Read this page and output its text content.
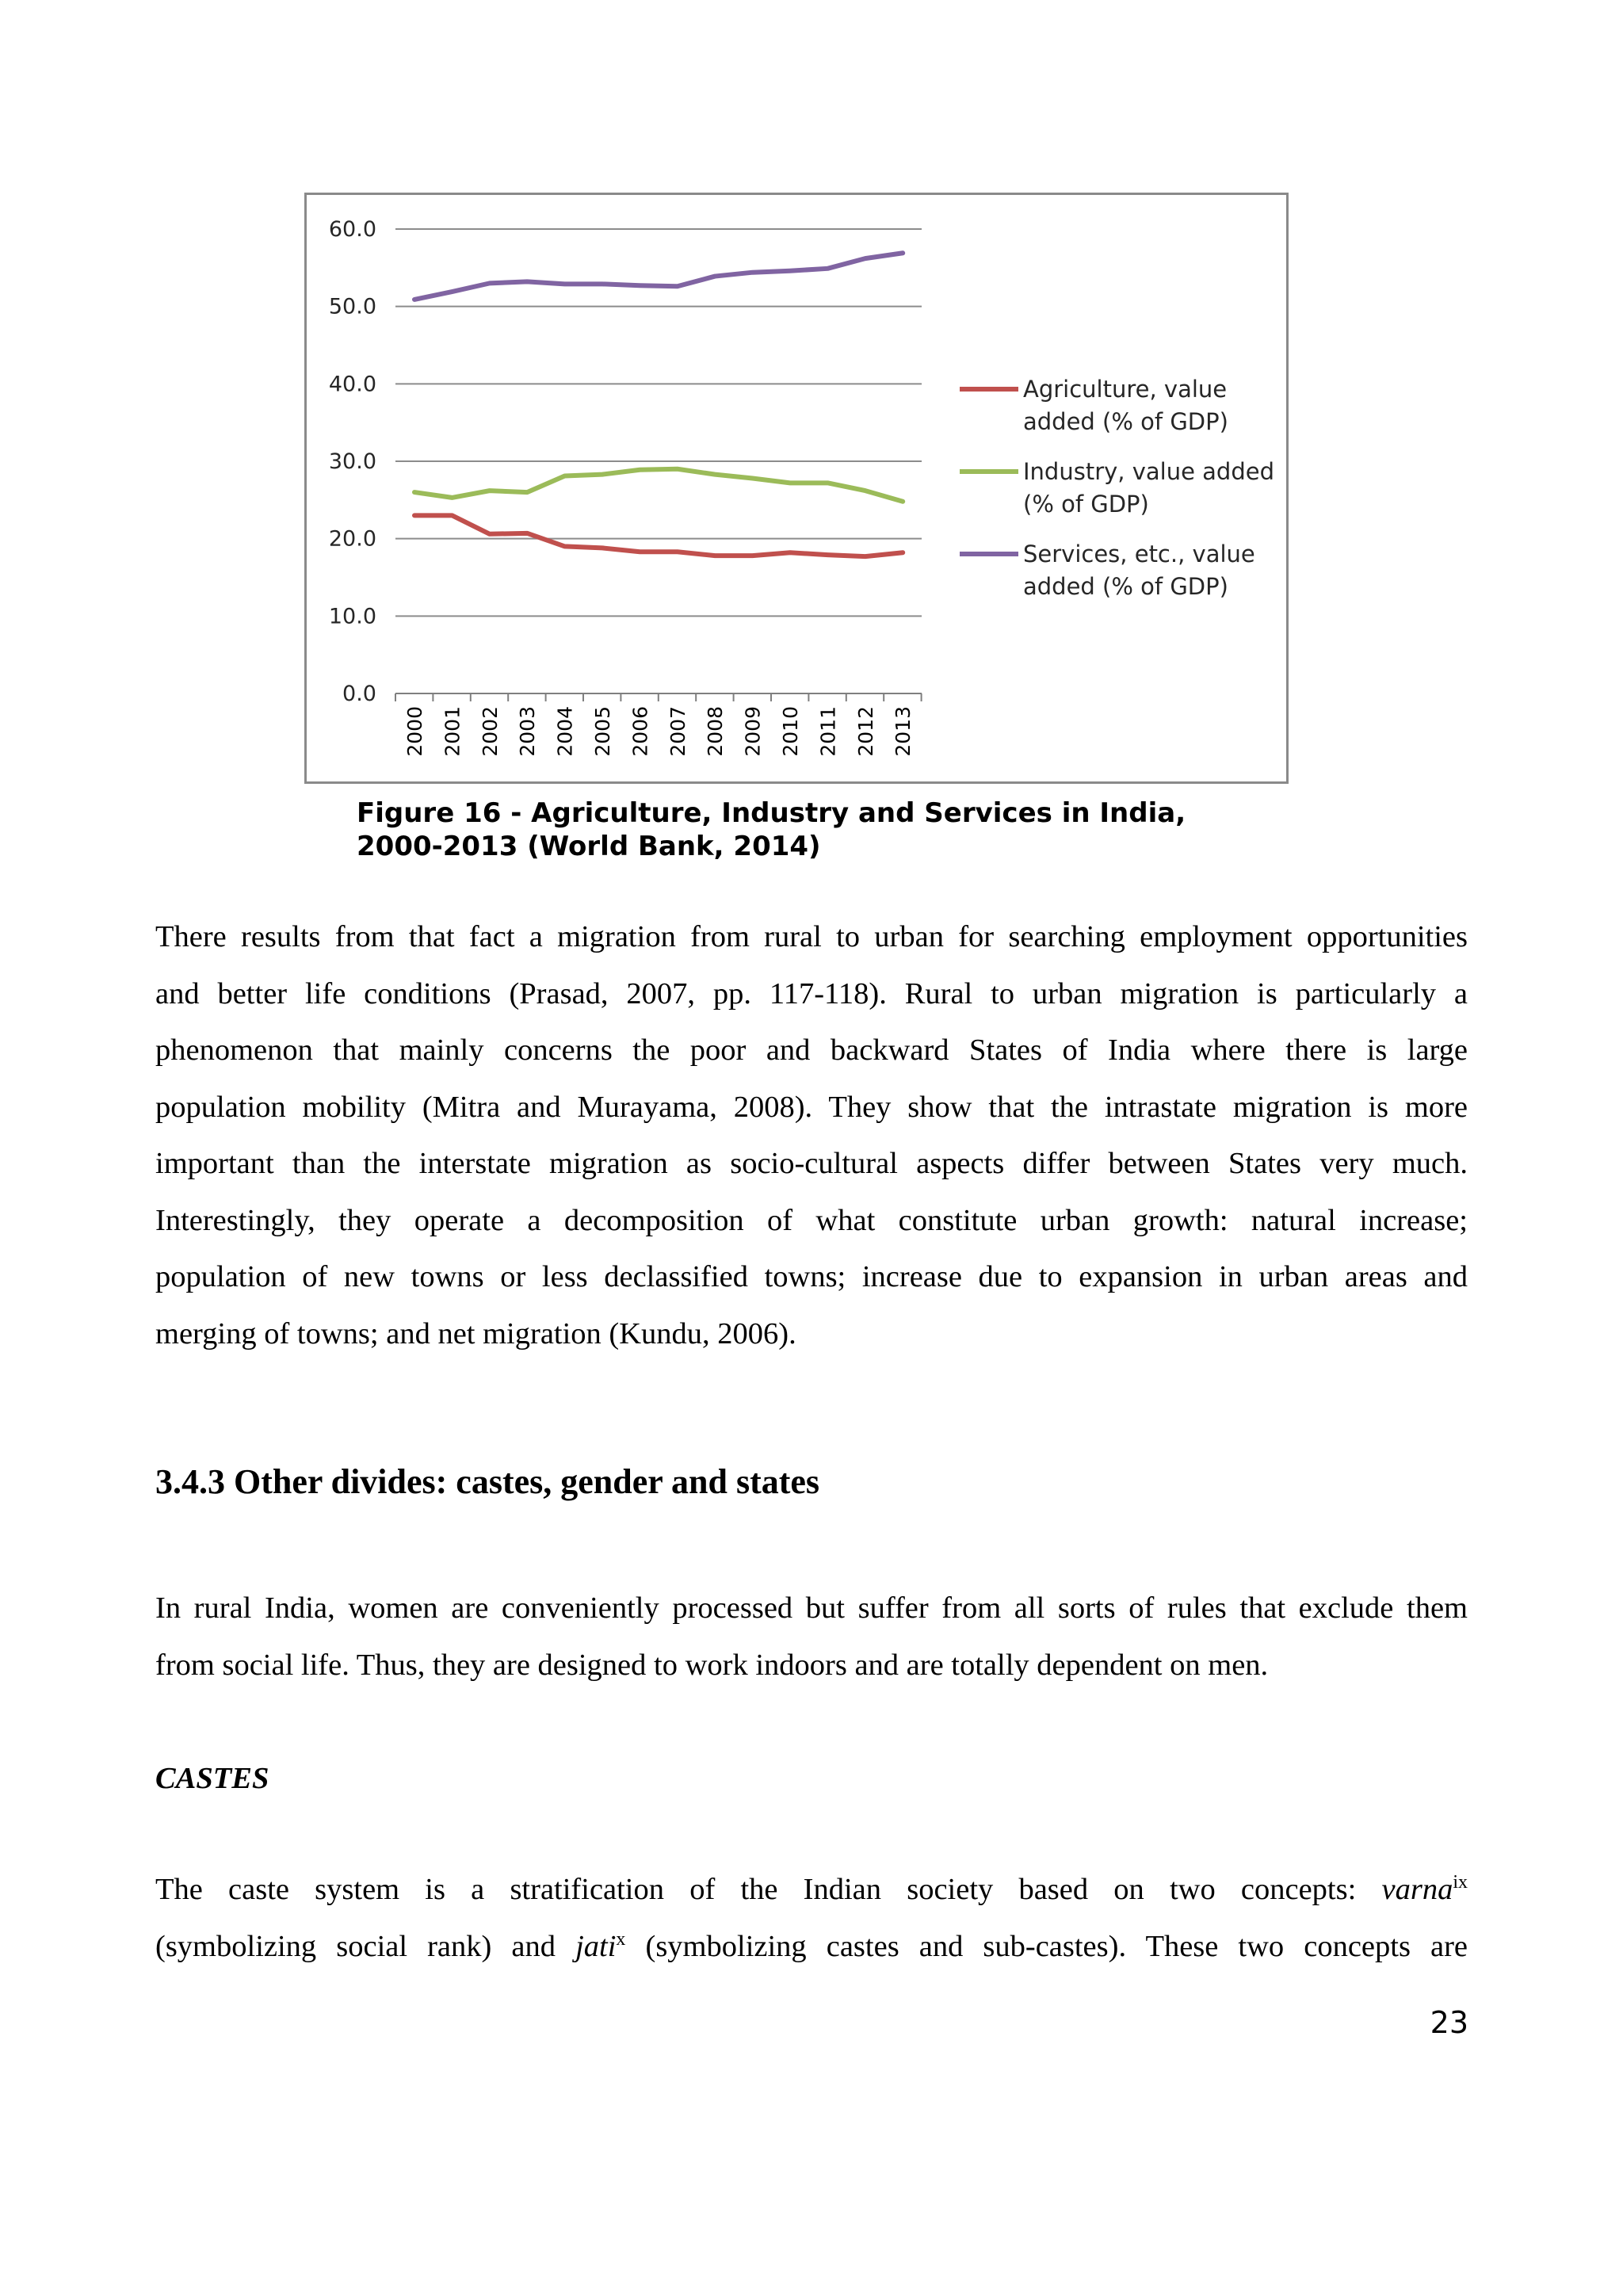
0.0
10.0
20.0
30.0
40.0
50.0
60.0
2000 2001 2002 2003 2004 2005 2006 2007 2008 2009 2010 2011 2012 2013
Agriculture, value
added (% of GDP)
Industry, value added
(% of GDP)
Services, etc., value
added (% of GDP)
Figure 16 - Agriculture, Industry and Services in India,
2000-2013 (World Bank, 2014)
There results from that fact a migration from rural to urban for searching employment opportunities
and better life conditions (Prasad, 2007, pp. 117-118). Rural to urban migration is particularly a
phenomenon that mainly concerns the poor and backward States of India where there is large
population mobility (Mitra and Murayama, 2008). They show that the intrastate migration is more
important than the interstate migration as socio-cultural aspects differ between States very much.
Interestingly, they operate a decomposition of what constitute urban growth: natural increase;
population of new towns or less declassified towns; increase due to expansion in urban areas and
merging of towns; and net migration (Kundu, 2006).
3.4.3 Other divides: castes, gender and states
In rural India, women are conveniently processed but suffer from all sorts of rules that exclude them
from social life. Thus, they are designed to work indoors and are totally dependent on men.
CASTES
The caste system is a stratification of the Indian society based on two concepts: varna$^{ix}$
(symbolizing social rank) and jati$^x$ (symbolizing castes and sub-castes). These two concepts are
23
